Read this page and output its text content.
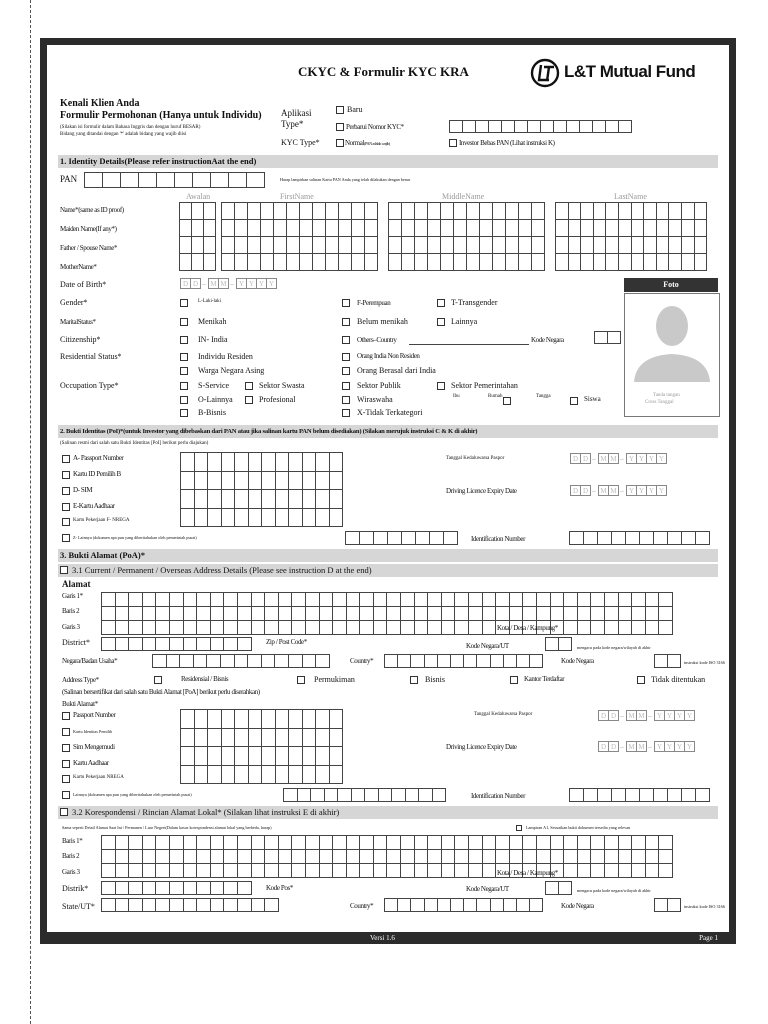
CKYC & Formulir KYC KRA	L&T Mutual Fund
Kenali Klien Anda
Formulir Permohonan (Hanya untuk Individu)
(Silakan isi formulir dalam Bahasa Inggris dan dengan huruf BESAR)
Bidang yang ditandai dengan '*' adalah bidang yang wajib diisi
Aplikasi Type*
Baru
Perbarui Nomor KYC*
KYC Type*	Normal(PAN adalah wajib)	Investor Bebas PAN (Lihat instruksi K)
1. Identity Details(Please refer instructionAat the end)
PAN	Harap lampirkan salinan Kartu PAN Anda yang telah dilakukan dengan benar
Awalan	FirstName	MiddleName	LastName
Name*(same as ID proof)
Maiden Name(If any*)
Father / Spouse Name*
MotherName*
Date of Birth*	D D – M M – Y Y Y Y	Foto
Tanda tangan
Cross Tanggal
Gender*	L-Laki-laki	F-Perempuan	T-Transgender
MaritalStatus*	Menikah	Belum menikah	Lainnya
Citizenship*	IN- India	Others–Country	Kode Negara
Residential Status*	Individu Residen	Orang India Non Residen
Warga Negara Asing	Orang Berasal dari India
Occupation Type*	S-Service	Sektor Swasta	Sektor Publik	Sektor Pemerintahan
O-Lainnya	Profesional	Wiraswaha	Ibu	Rumah	Tangga	Siswa
B-Bisnis	X-Tidak Terkategori
2. Bukti Identitas (PoI)*(untuk Investor yang dibebaskan dari PAN atau jika salinan kartu PAN belum disediakan) (Silakan merujuk instruksi C & K di akhir)
(Salinan resmi dari salah satu Bukti Identitas [PoI] berikut perlu diajukan)
A- Passport Number
Kartu ID Pemilih B
D- SIM
E-Kartu Aadhaar
Kartu Pekerjaan F- NREGA
Tanggal Kedaluwarsa Paspor	D D – M M – Y Y Y Y
Driving Licence Expiry Date	D D – M M – Y Y Y Y
Z- Lainnya (dokumen apa pun yang diberitahukan oleh pemerintah pusat)	Identification Number
3. Bukti Alamat (PoA)*
3.1 Current / Permanent / Overseas Address Details (Please see instruction D at the end)
Alamat
Garis 1*
Baris 2
Garis 3	Kota / Desa / Kampung*
District*	Zip / Post Code*	Kode Negara/UT	mengacu pada kode negara/wilayah di akhir
Negara/Badan Usaha*	Country*	Kode Negara	instruksi kode ISO 3166
Address Type*	Residensial / Bisnis	Permukiman	Bisnis	Kantor Terdaftar	Tidak ditentukan
(Salinan bersertifikat dari salah satu Bukti Alamat [PoA] berikut perlu diserahkan)
Bukti Alamat*
Passport Number
Kartu Identitas Pemilih
Sim Mengemudi
Kartu Aadhaar
Kartu Pekerjaan NREGA
Tanggal Kedaluwarsa Paspor	D D – M M – Y Y Y Y
Driving Licence Expiry Date	D D – M M – Y Y Y Y
Lainnya (dokumen apa pun yang diberitahukan oleh pemerintah pusat)	Identification Number
3.2 Korespondensi / Rincian Alamat Lokal* (Silakan lihat instruksi E di akhir)
Sama seperti Detail Alamat Saat Ini / Permanen / Luar Negeri(Dalam kasus korespondensi alamat lokal yang berbeda, harap)	Lampiran A1, Sesuaikan bukti dokumen tersedia yang relevan
Baris 1*
Baris 2
Garis 3	Kota / Desa / Kampung*
Distrik*	Kode Pos*	Kode Negara/UT	mengacu pada kode negara/wilayah di akhir
State/UT*	Country*	Kode Negara	instruksi kode ISO 3166
Versi 1.6	Page 1
